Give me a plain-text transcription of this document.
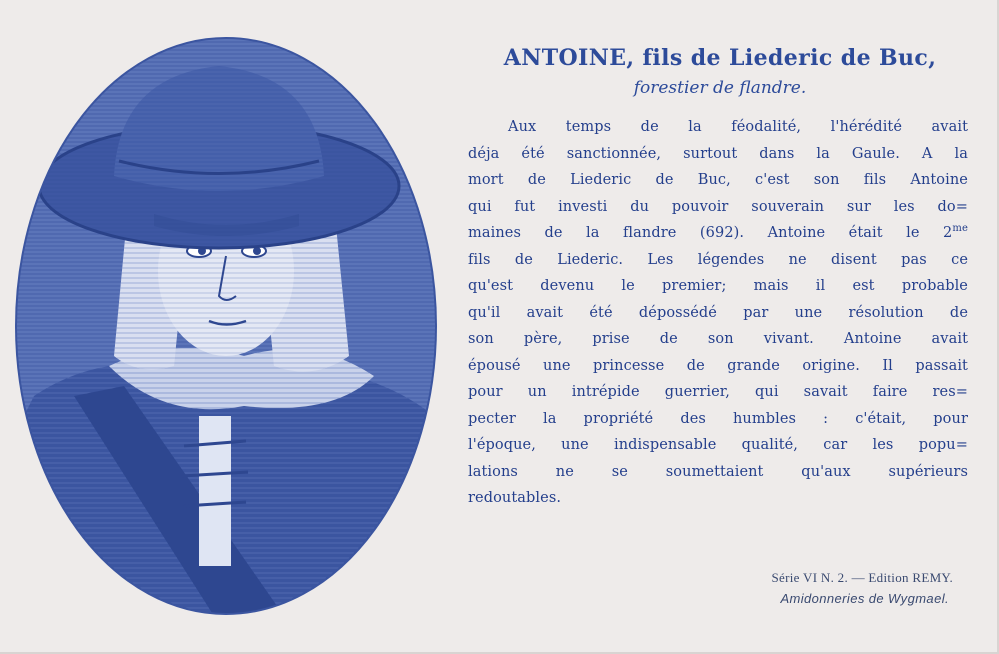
ANTOINE, fils de Liederic de Buc,
forestier de flandre.
Aux temps de la féodalité, l'hérédité avait
déja été sanctionnée, surtout dans la Gaule. A la
mort de Liederic de Buc, c'est son fils Antoine
qui fut investi du pouvoir souverain sur les do=
maines de la flandre (692). Antoine était le $2^{me}$
fils de Liederic. Les légendes ne disent pas ce
qu'est devenu le premier; mais il est probable
qu'il avait été dépossédé par une résolution de
son père, prise de son vivant. Antoine avait
épousé une princesse de grande origine. Il passait
pour un intrépide guerrier, qui savait faire res=
pecter la propriété des humbles : c'était, pour
l'époque, une indispensable qualité, car les popu=
lations ne se soumettaient qu'aux supérieurs
redoutables.
Série VI N. 2. — Edition REMY.
Amidonneries de Wygmael.
